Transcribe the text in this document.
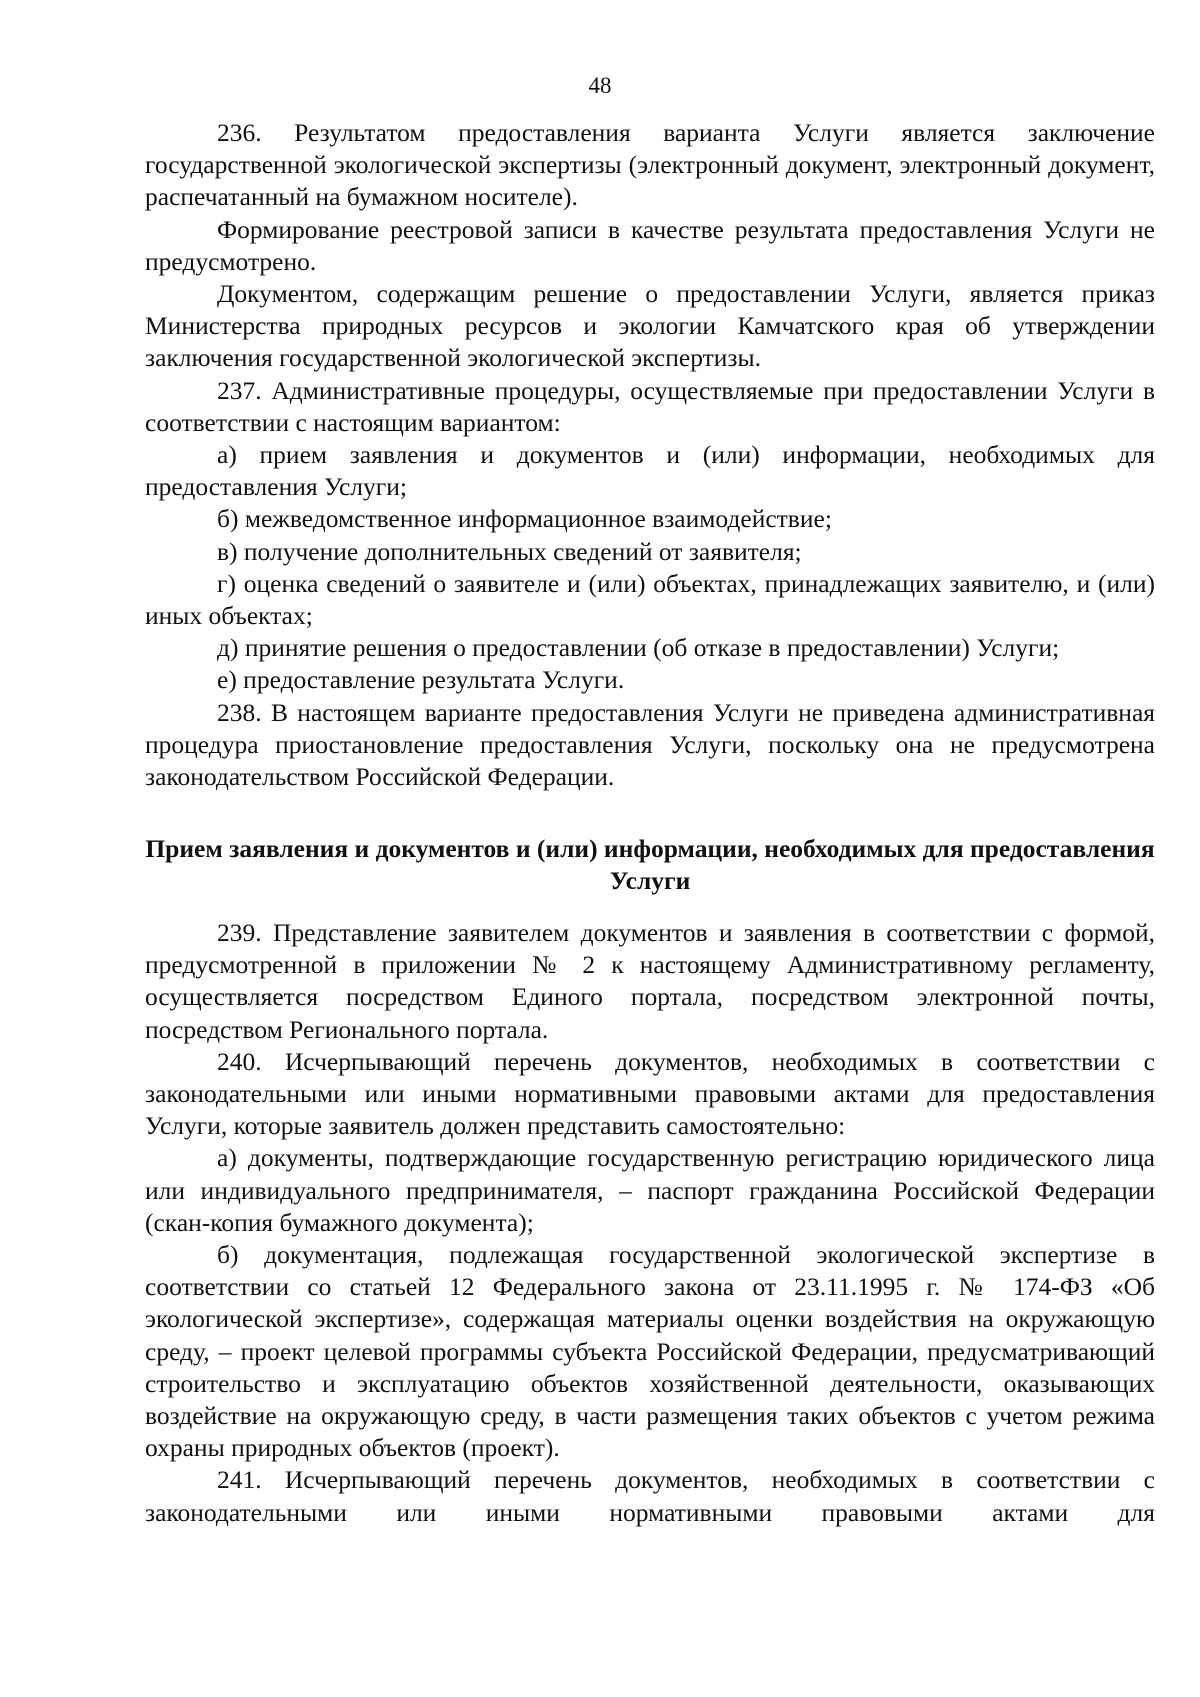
48

236. Результатом предоставления варианта Услуги является заключение государственной экологической экспертизы (электронный документ, электронный документ, распечатанный на бумажном носителе).

Формирование реестровой записи в качестве результата предоставления Услуги не предусмотрено.

Документом, содержащим решение о предоставлении Услуги, является приказ Министерства природных ресурсов и экологии Камчатского края об утверждении заключения государственной экологической экспертизы.

237. Административные процедуры, осуществляемые при предоставлении Услуги в соответствии с настоящим вариантом:

а) прием заявления и документов и (или) информации, необходимых для предоставления Услуги;

б) межведомственное информационное взаимодействие;

в) получение дополнительных сведений от заявителя;

г) оценка сведений о заявителе и (или) объектах, принадлежащих заявителю, и (или) иных объектах;

д) принятие решения о предоставлении (об отказе в предоставлении) Услуги;

е) предоставление результата Услуги.

238. В настоящем варианте предоставления Услуги не приведена административная процедура приостановление предоставления Услуги, поскольку она не предусмотрена законодательством Российской Федерации.

Прием заявления и документов и (или) информации, необходимых для предоставления Услуги

239. Представление заявителем документов и заявления в соответствии с формой, предусмотренной в приложении № 2 к настоящему Административному регламенту, осуществляется посредством Единого портала, посредством электронной почты, посредством Регионального портала.

240. Исчерпывающий перечень документов, необходимых в соответствии с законодательными или иными нормативными правовыми актами для предоставления Услуги, которые заявитель должен представить самостоятельно:

а) документы, подтверждающие государственную регистрацию юридического лица или индивидуального предпринимателя, – паспорт гражданина Российской Федерации (скан-копия бумажного документа);

б) документация, подлежащая государственной экологической экспертизе в соответствии со статьей 12 Федерального закона от 23.11.1995 г. № 174-ФЗ «Об экологической экспертизе», содержащая материалы оценки воздействия на окружающую среду, – проект целевой программы субъекта Российской Федерации, предусматривающий строительство и эксплуатацию объектов хозяйственной деятельности, оказывающих воздействие на окружающую среду, в части размещения таких объектов с учетом режима охраны природных объектов (проект).

241. Исчерпывающий перечень документов, необходимых в соответствии с законодательными или иными нормативными правовыми актами для
